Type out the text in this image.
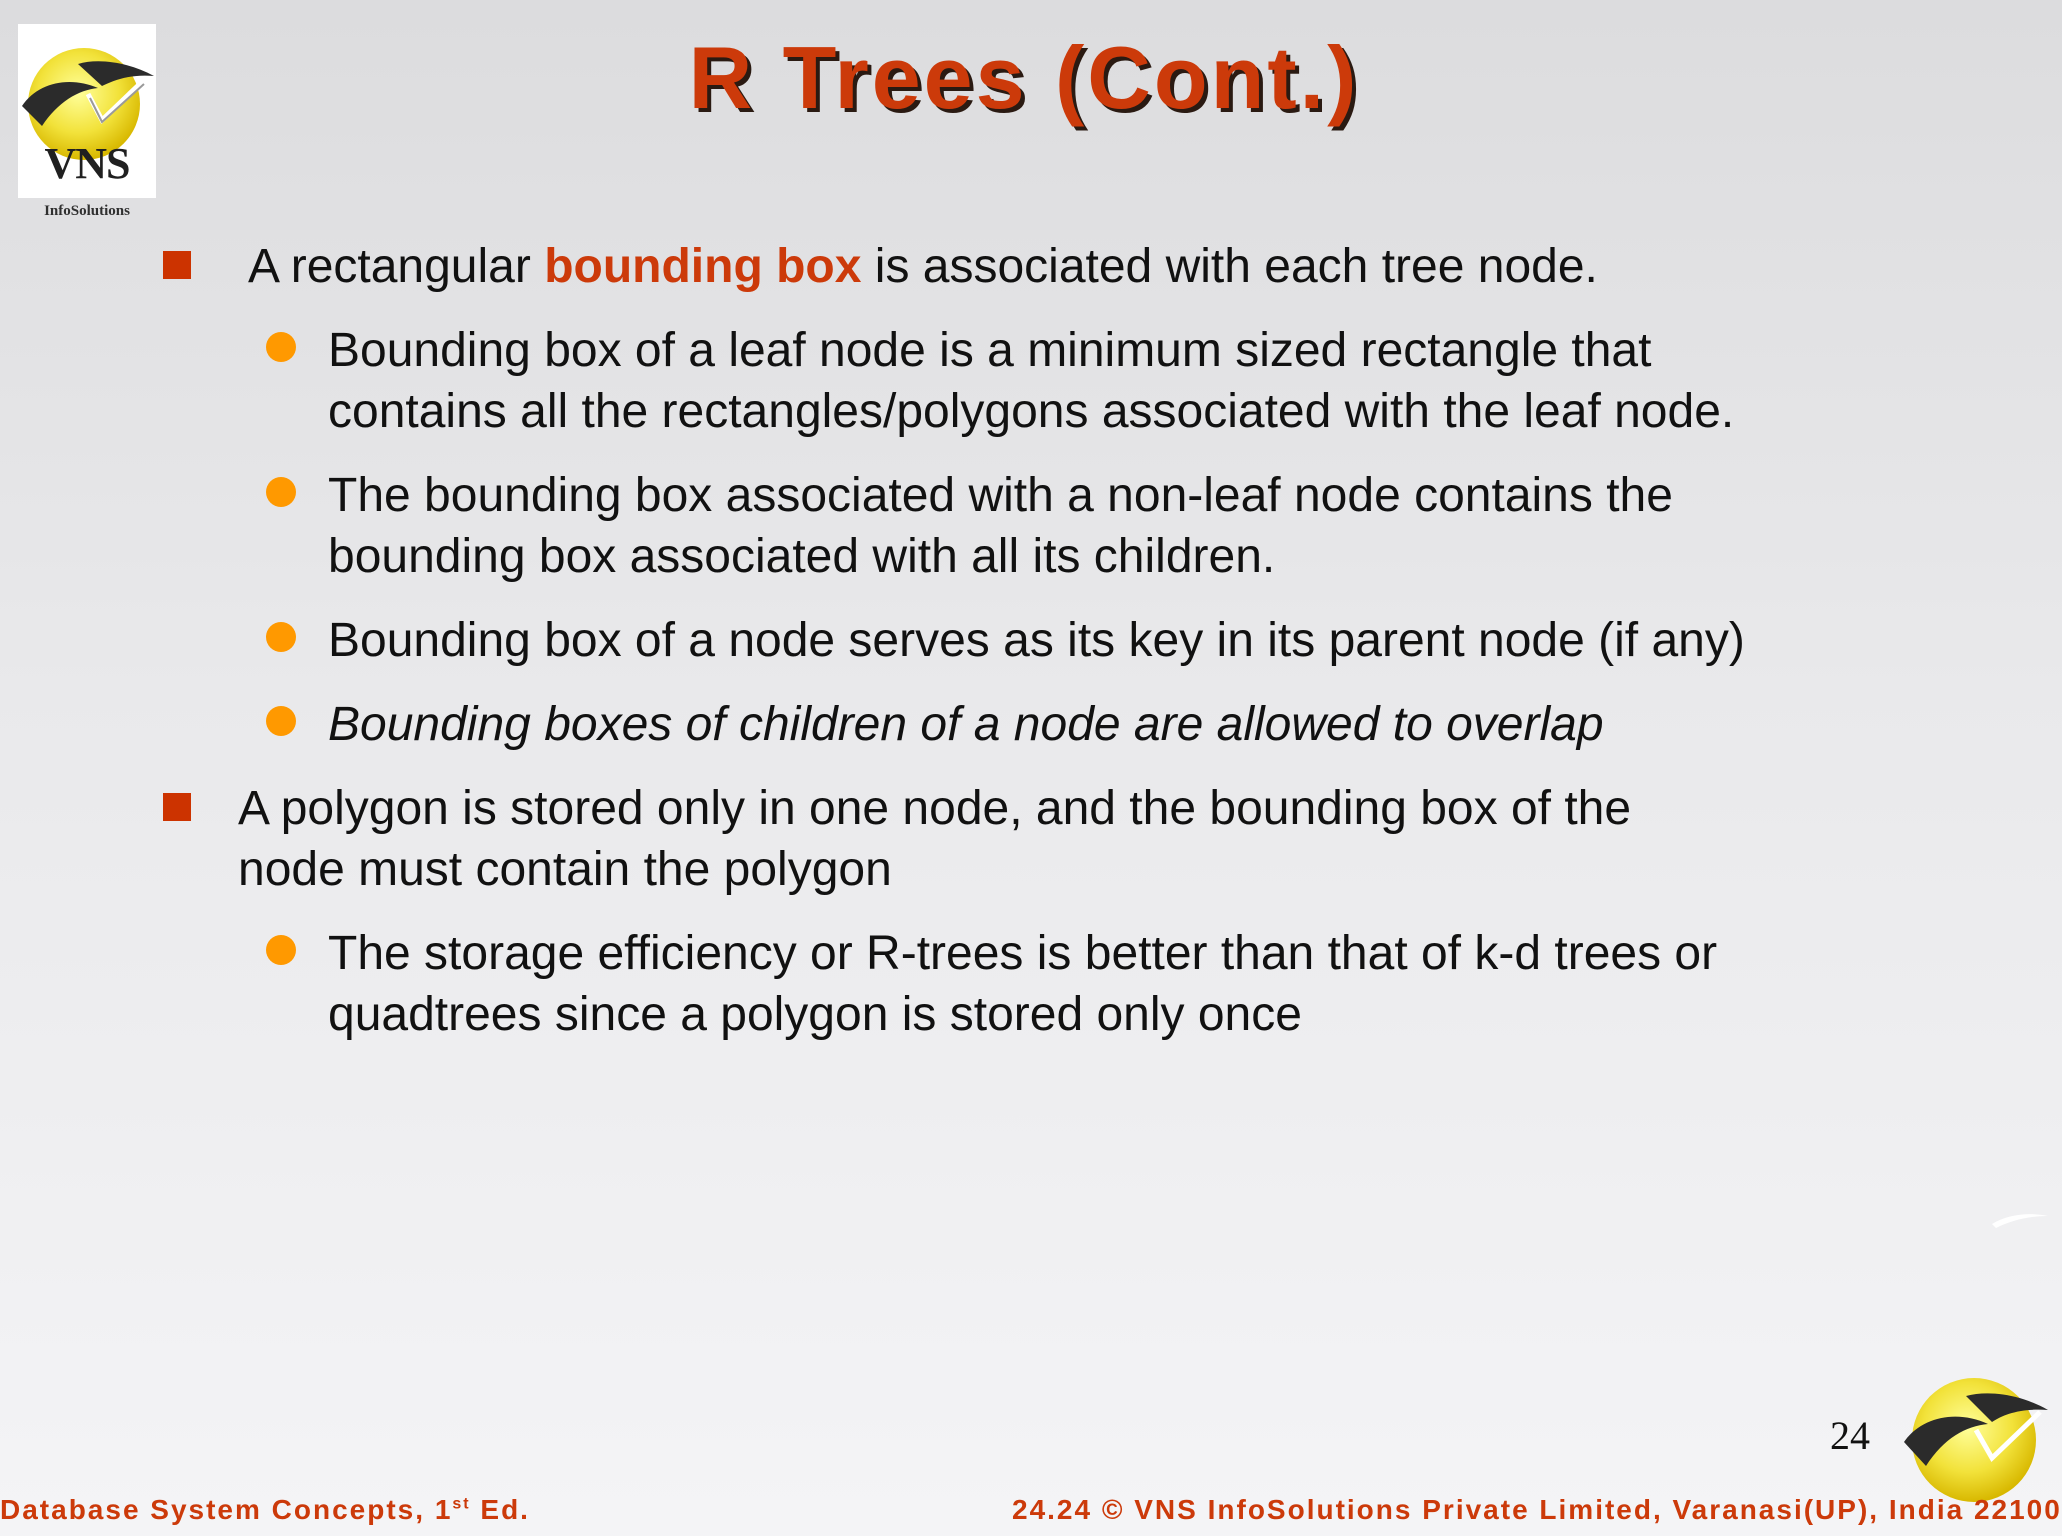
VNS
InfoSolutions
R Trees (Cont.)
A rectangular bounding box is associated with each tree node.
Bounding box of a leaf node is a minimum sized rectangle that
contains all the rectangles/polygons associated with the leaf node.
The bounding box associated with a non-leaf node contains the
bounding box associated with all its children.
Bounding box of a node serves as its key in its parent node (if any)
Bounding boxes of children of a node are allowed to overlap
A polygon is stored only in one node, and the bounding box of the
node must contain the polygon
The storage efficiency or R-trees is better than that of k-d trees or
quadtrees since a polygon is stored only once
24
Database System Concepts, 1st Ed.	24.24 © VNS InfoSolutions Private Limited, Varanasi(UP), India 22100
